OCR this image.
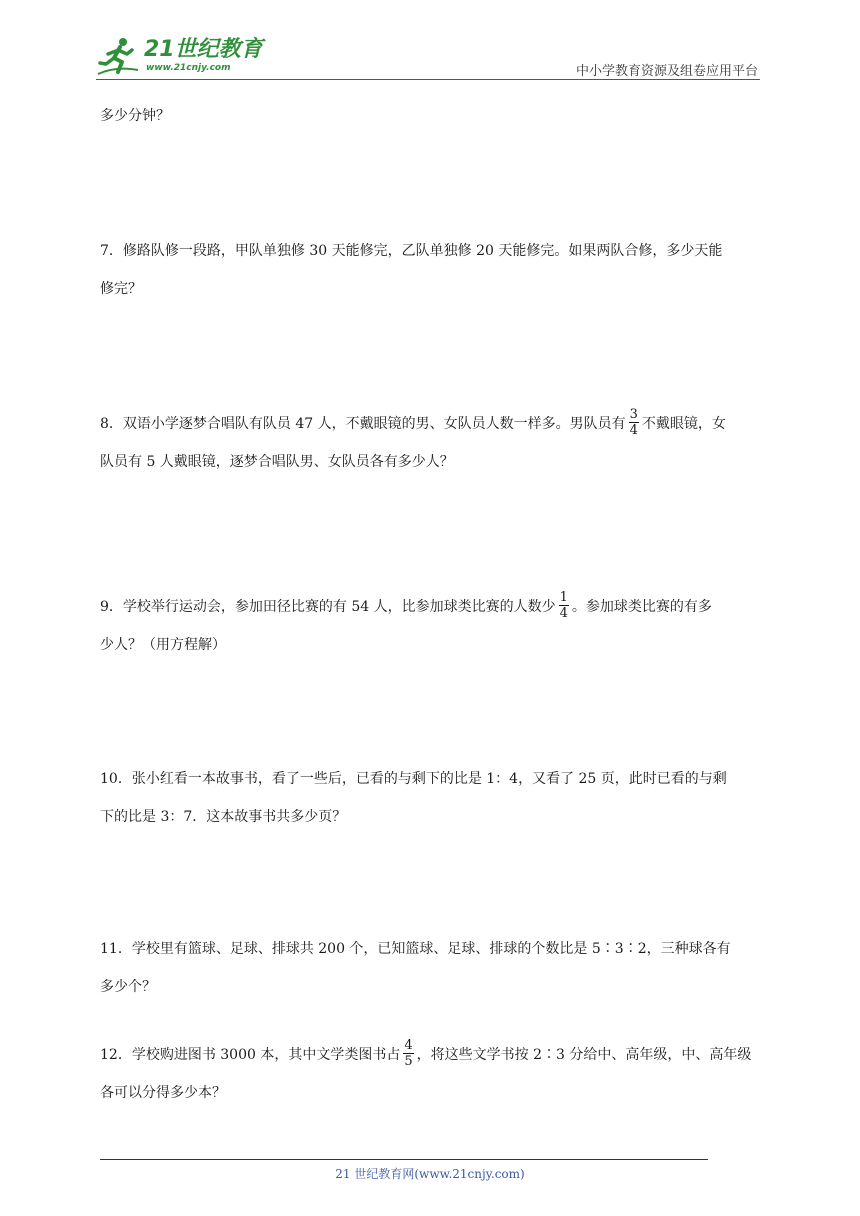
21世纪教育
www.21cnjy.com	中小学教育资源及组卷应用平台

多少分钟？

7．修路队修一段路，甲队单独修 30 天能修完，乙队单独修 20 天能修完。如果两队合修，多少天能

修完？

8．双语小学逐梦合唱队有队员 47 人，不戴眼镜的男、女队员人数一样多。男队员有 $\frac{3}{4}$ 不戴眼镜，女

队员有 5 人戴眼镜，逐梦合唱队男、女队员各有多少人？

9．学校举行运动会，参加田径比赛的有 54 人，比参加球类比赛的人数少 $\frac{1}{4}$ 。参加球类比赛的有多

少人？（用方程解）

10．张小红看一本故事书，看了一些后，已看的与剩下的比是 1：4，又看了 25 页，此时已看的与剩

下的比是 3：7．这本故事书共多少页？

11．学校里有篮球、足球、排球共 200 个，已知篮球、足球、排球的个数比是 5∶3∶2，三种球各有

多少个？

12．学校购进图书 3000 本，其中文学类图书占 $\frac{4}{5}$ ，将这些文学书按 2∶3 分给中、高年级，中、高年级

各可以分得多少本？

21 世纪教育网(www.21cnjy.com)
